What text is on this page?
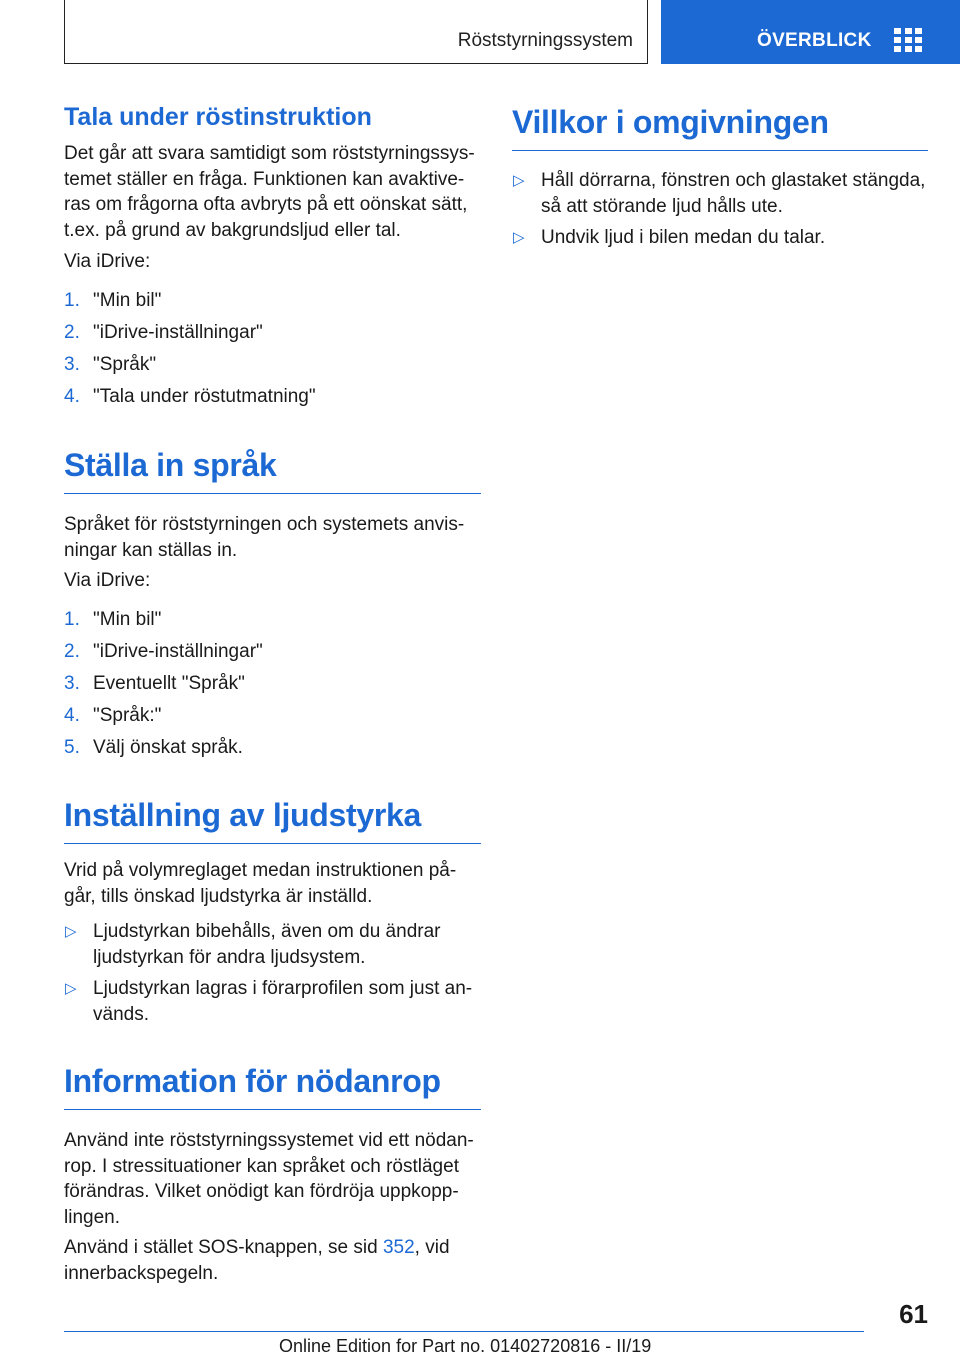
Röststyrningssystem	ÖVERBLICK
Tala under röstinstruktion

Det går att svara samtidigt som röststyrningssys-
temet ställer en fråga. Funktionen kan avaktive-
ras om frågorna ofta avbryts på ett oönskat sätt,
t.ex. på grund av bakgrundsljud eller tal.

Via iDrive:

1. "Min bil"
2. "iDrive-inställningar"
3. "Språk"
4. "Tala under röstutmatning"
Ställa in språk

Språket för röststyrningen och systemets anvis-
ningar kan ställas in.

Via iDrive:

1. "Min bil"
2. "iDrive-inställningar"
3. Eventuellt "Språk"
4. "Språk:"
5. Välj önskat språk.
Inställning av ljudstyrka

Vrid på volymreglaget medan instruktionen på-
går, tills önskad ljudstyrka är inställd.

▷ Ljudstyrkan bibehålls, även om du ändrar
ljudstyrkan för andra ljudsystem.
▷ Ljudstyrkan lagras i förarprofilen som just an-
vänds.
Information för nödanrop

Använd inte röststyrningssystemet vid ett nödan-
rop. I stressituationer kan språket och röstläget
förändras. Vilket onödigt kan fördröja uppkopp-
lingen.

Använd i stället SOS-knappen, se sid 352, vid
innerbackspegeln.

Villkor i omgivningen
▷ Håll dörrarna, fönstren och glastaket stängda,
så att störande ljud hålls ute.
▷ Undvik ljud i bilen medan du talar.
61
Online Edition for Part no. 01402720816 - II/19
